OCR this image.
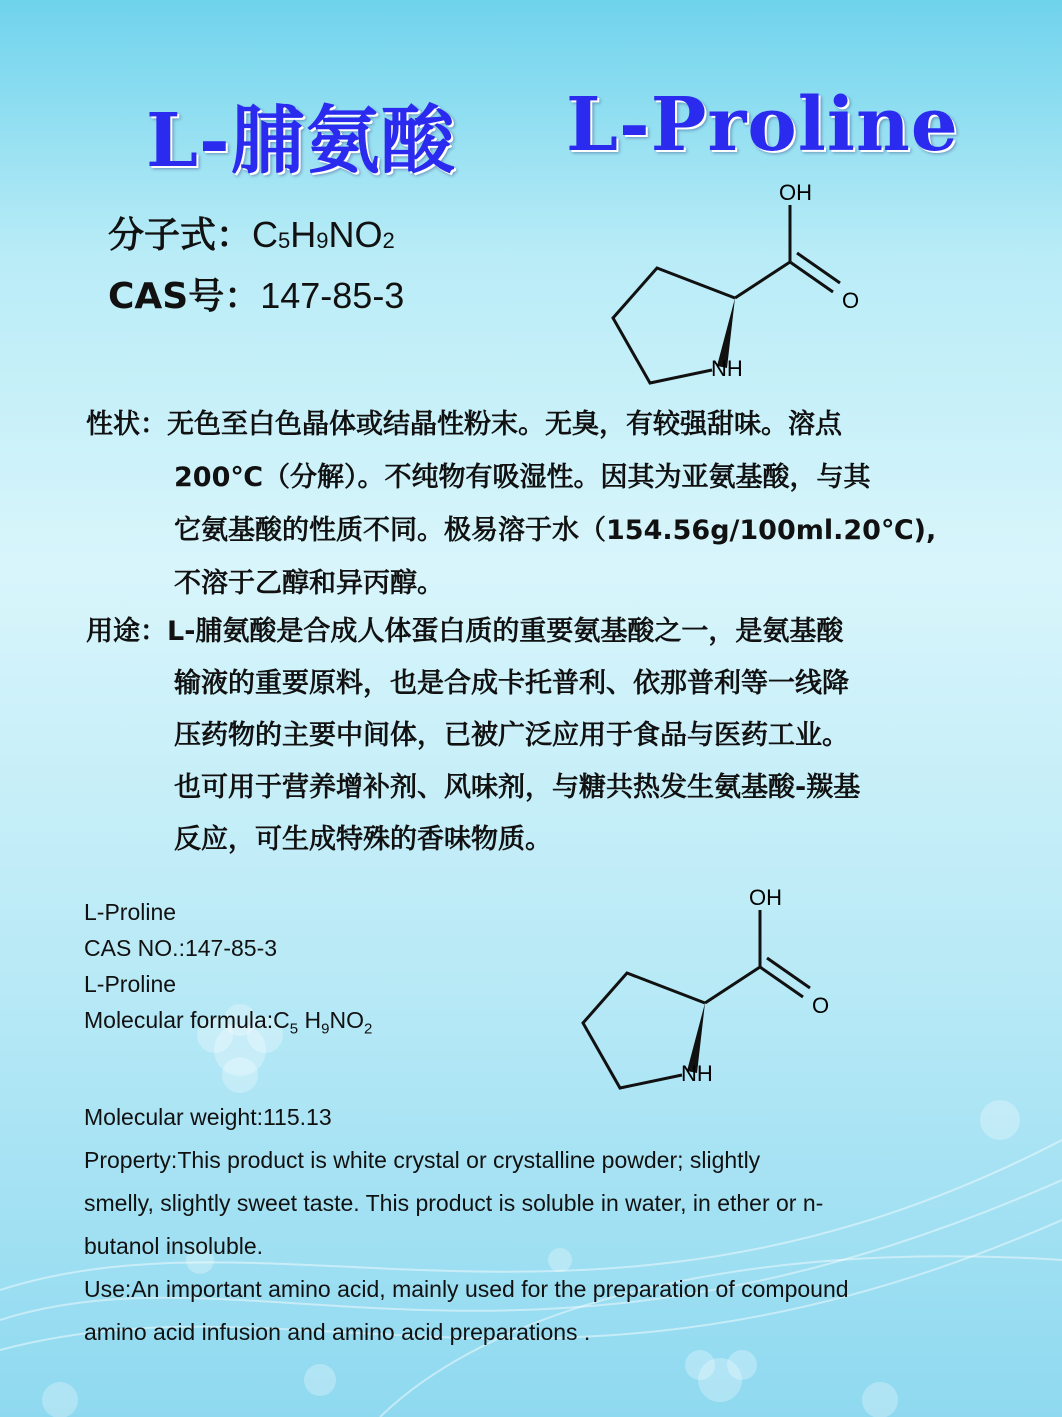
L-脯氨酸 L-Proline
分子式：$C_5H_9NO_2$
CAS号：147-85-3
OH
O
NH
性状：无色至白色晶体或结晶性粉末。无臭，有较强甜味。溶点
200℃（分解）。不纯物有吸湿性。因其为亚氨基酸，与其
它氨基酸的性质不同。极易溶于水（154.56g/100ml.20℃),
不溶于乙醇和异丙醇。
用途：L-脯氨酸是合成人体蛋白质的重要氨基酸之一，是氨基酸
输液的重要原料，也是合成卡托普利、依那普利等一线降
压药物的主要中间体，已被广泛应用于食品与医药工业。
也可用于营养增补剂、风味剂，与糖共热发生氨基酸-羰基
反应，可生成特殊的香味物质。
L-Proline
CAS NO.:147-85-3
L-Proline
Molecular $formula:C_5$ $H_9NO_2$
OH
O
NH
Molecular weight:115.13
Property:This product is white crystal or crystalline powder; slightly
smelly, slightly sweet taste. This product is soluble in water, in ether or n-
butanol insoluble.
Use:An important amino acid, mainly used for the preparation of compound
amino acid infusion and amino acid preparations .
